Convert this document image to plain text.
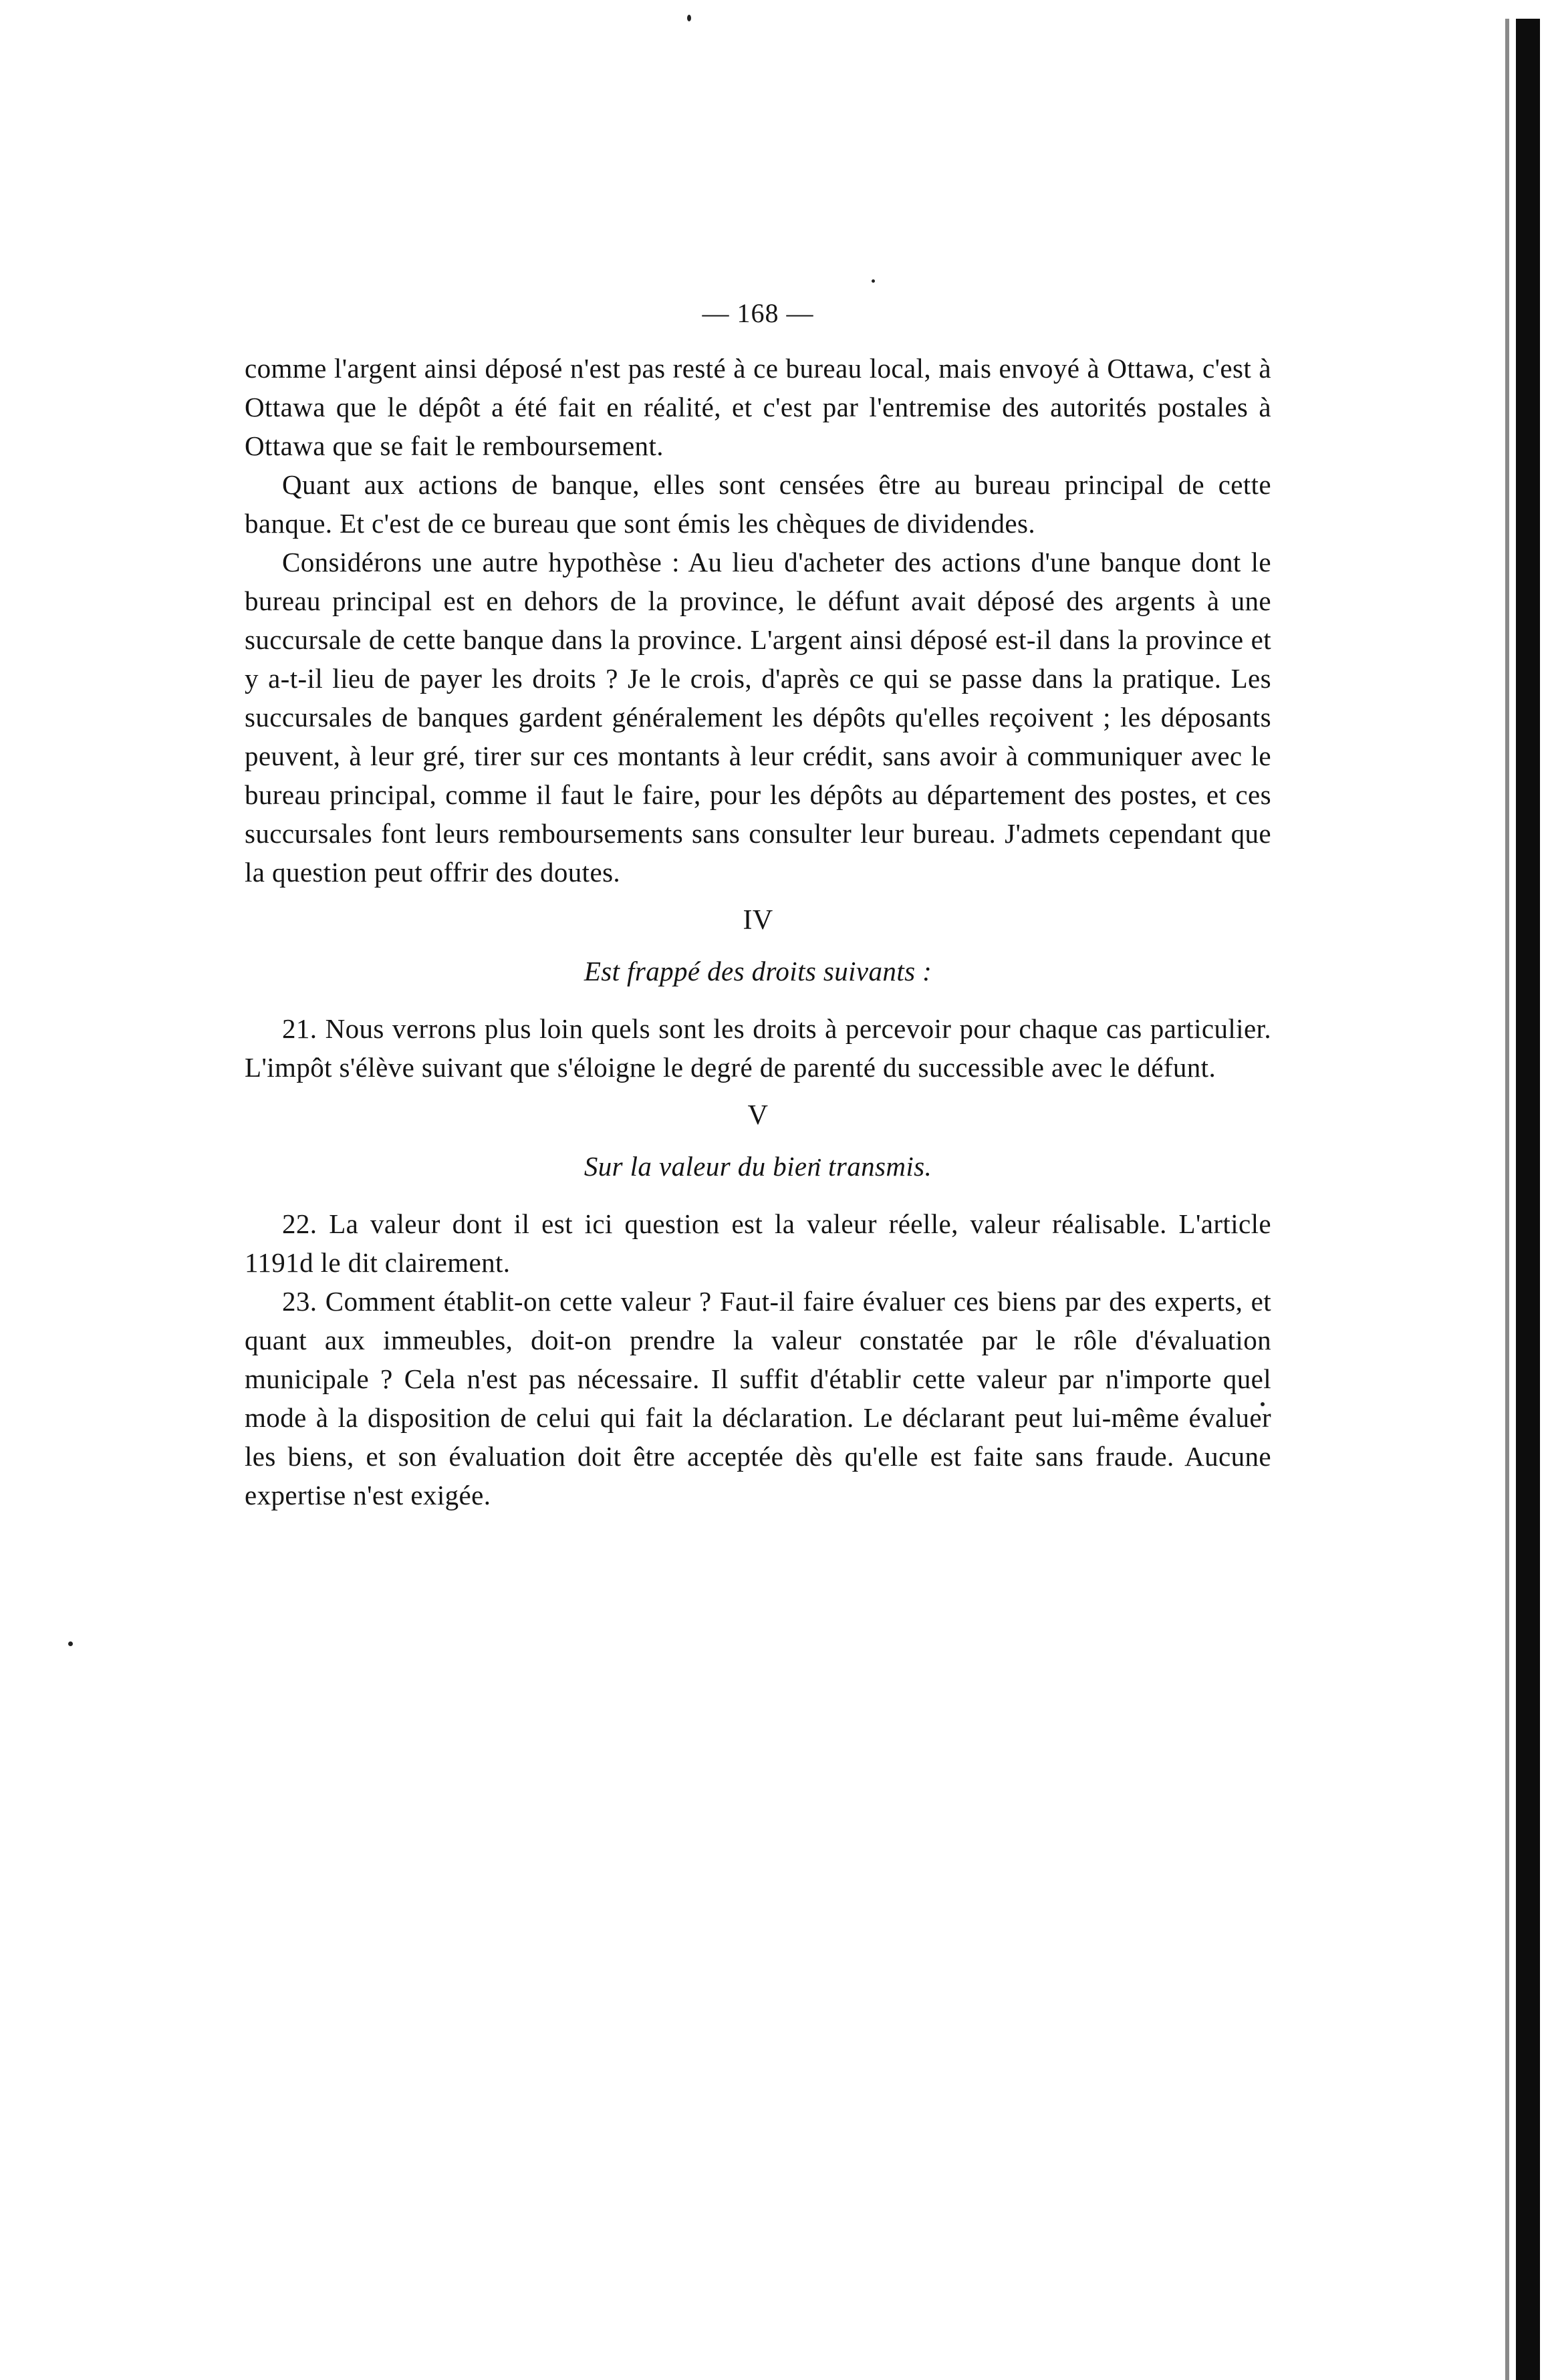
— 168 —

comme l'argent ainsi déposé n'est pas resté à ce bureau local, mais envoyé à Ottawa, c'est à Ottawa que le dépôt a été fait en réalité, et c'est par l'entremise des autorités postales à Ottawa que se fait le remboursement.

Quant aux actions de banque, elles sont censées être au bureau principal de cette banque. Et c'est de ce bureau que sont émis les chèques de dividendes.

Considérons une autre hypothèse : Au lieu d'acheter des actions d'une banque dont le bureau principal est en dehors de la province, le défunt avait déposé des argents à une succursale de cette banque dans la province. L'argent ainsi déposé est-il dans la province et y a-t-il lieu de payer les droits ? Je le crois, d'après ce qui se passe dans la pratique. Les succursales de banques gardent généralement les dépôts qu'elles reçoivent ; les déposants peuvent, à leur gré, tirer sur ces montants à leur crédit, sans avoir à communiquer avec le bureau principal, comme il faut le faire, pour les dépôts au département des postes, et ces succursales font leurs remboursements sans consulter leur bureau. J'admets cependant que la question peut offrir des doutes.

IV
Est frappé des droits suivants :

21. Nous verrons plus loin quels sont les droits à percevoir pour chaque cas particulier. L'impôt s'élève suivant que s'éloigne le degré de parenté du successible avec le défunt.

V
Sur la valeur du bien transmis.

22. La valeur dont il est ici question est la valeur réelle, valeur réalisable. L'article 1191d le dit clairement.

23. Comment établit-on cette valeur ? Faut-il faire évaluer ces biens par des experts, et quant aux immeubles, doit-on prendre la valeur constatée par le rôle d'évaluation municipale ? Cela n'est pas nécessaire. Il suffit d'établir cette valeur par n'importe quel mode à la disposition de celui qui fait la déclaration. Le déclarant peut lui-même évaluer les biens, et son évaluation doit être acceptée dès qu'elle est faite sans fraude. Aucune expertise n'est exigée.
